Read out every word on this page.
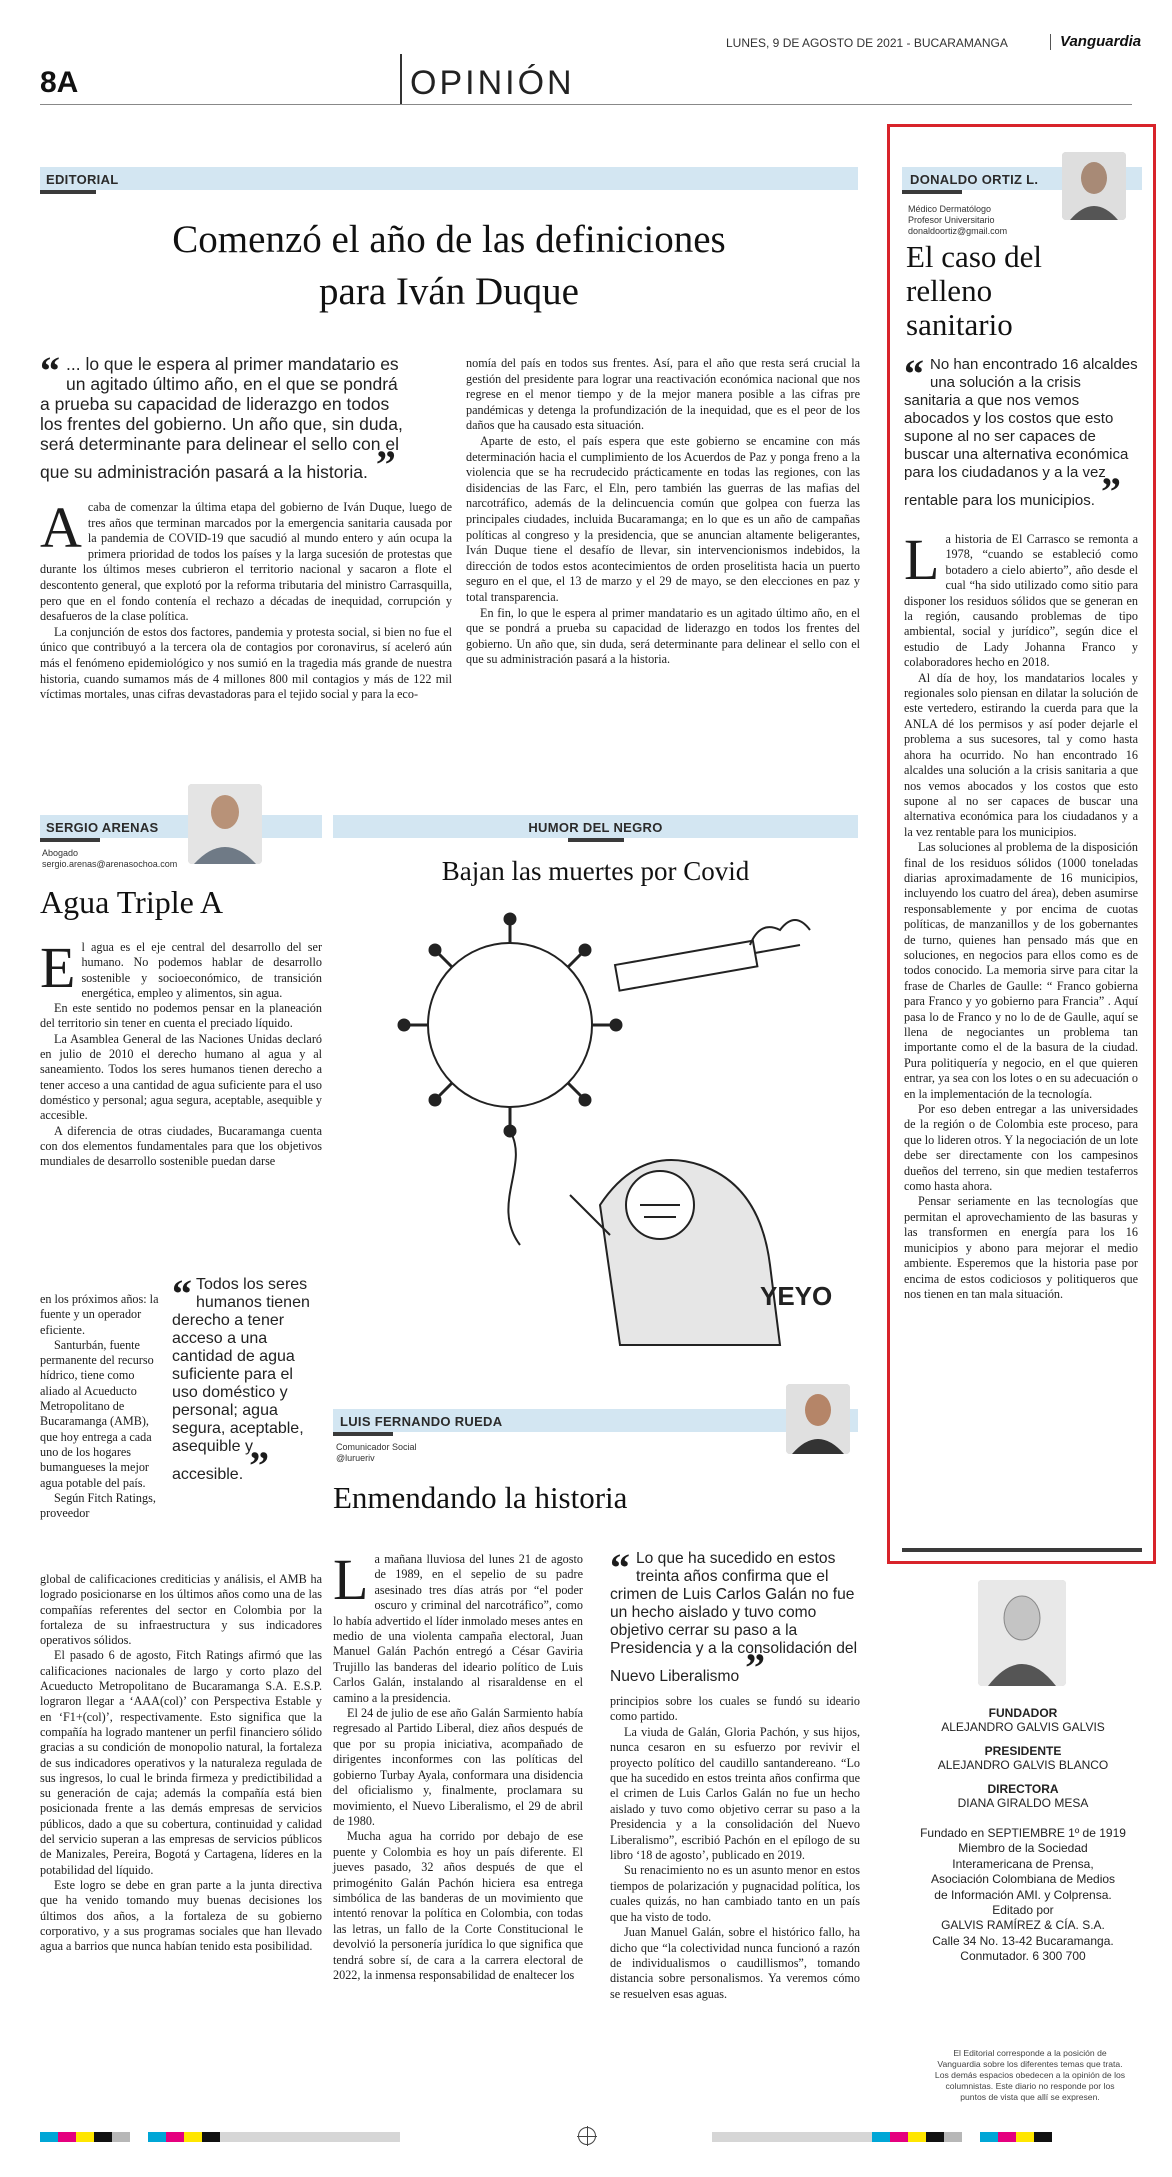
8A	OPINIÓN
LUNES, 9 DE AGOSTO DE 2021 - BUCARAMANGA	Vanguardia
EDITORIAL
Comenzó el año de las definiciones
para Iván Duque
“ ... lo que le espera al primer mandatario es un agitado último año, en el que se pondrá a prueba su capacidad de liderazgo en todos los frentes del gobierno. Un año que, sin duda, será determinante para delinear el sello con el que su administración pasará a la historia. ”

Acaba de comenzar la última etapa del gobierno de Iván Duque, luego de tres años que terminan marcados por la emergencia sanitaria causada por la pandemia de COVID-19 que sacudió al mundo entero y aún ocupa la primera prioridad de todos los países y la larga sucesión de protestas que durante los últimos meses cubrieron el territorio nacional y sacaron a flote el descontento general, que explotó por la reforma tributaria del ministro Carrasquilla, pero que en el fondo contenía el rechazo a décadas de inequidad, corrupción y desafueros de la clase política.

La conjunción de estos dos factores, pandemia y protesta social, si bien no fue el único que contribuyó a la tercera ola de contagios por coronavirus, sí aceleró aún más el fenómeno epidemiológico y nos sumió en la tragedia más grande de nuestra historia, cuando sumamos más de 4 millones 800 mil contagios y más de 122 mil víctimas mortales, unas cifras devastadoras para el tejido social y para la eco-

nomía del país en todos sus frentes. Así, para el año que resta será crucial la gestión del presidente para lograr una reactivación económica nacional que nos regrese en el menor tiempo y de la mejor manera posible a las cifras pre pandémicas y detenga la profundización de la inequidad, que es el peor de los daños que ha causado esta situación.

Aparte de esto, el país espera que este gobierno se encamine con más determinación hacia el cumplimiento de los Acuerdos de Paz y ponga freno a la violencia que se ha recrudecido prácticamente en todas las regiones, con las disidencias de las Farc, el Eln, pero también las guerras de las mafias del narcotráfico, además de la delincuencia común que golpea con fuerza las principales ciudades, incluida Bucaramanga; en lo que es un año de campañas políticas al congreso y la presidencia, que se anuncian altamente beligerantes, Iván Duque tiene el desafío de llevar, sin intervencionismos indebidos, la dirección de todos estos acontecimientos de orden proselitista hacia un puerto seguro en el que, el 13 de marzo y el 29 de mayo, se den elecciones en paz y total transparencia.

En fin, lo que le espera al primer mandatario es un agitado último año, en el que se pondrá a prueba su capacidad de liderazgo en todos los frentes del gobierno. Un año que, sin duda, será determinante para delinear el sello con el que su administración pasará a la historia.

DONALDO ORTIZ L.
Médico Dermatólogo
Profesor Universitario
donaldoortiz@gmail.com
El caso del
relleno
sanitario
“ No han encontrado 16 alcaldes una solución a la crisis sanitaria a que nos vemos abocados y los costos que esto supone al no ser capaces de buscar una alternativa económica para los ciudadanos y a la vez rentable para los municipios. ”

La historia de El Carrasco se remonta a 1978, “cuando se estableció como botadero a cielo abierto”, año desde el cual “ha sido utilizado como sitio para disponer los residuos sólidos que se generan en la región, causando problemas de tipo ambiental, social y jurídico”, según dice el estudio de Lady Johanna Franco y colaboradores hecho en 2018.

Al día de hoy, los mandatarios locales y regionales solo piensan en dilatar la solución de este vertedero, estirando la cuerda para que la ANLA dé los permisos y así poder dejarle el problema a sus sucesores, tal y como hasta ahora ha ocurrido. No han encontrado 16 alcaldes una solución a la crisis sanitaria a que nos vemos abocados y los costos que esto supone al no ser capaces de buscar una alternativa económica para los ciudadanos y a la vez rentable para los municipios.

Las soluciones al problema de la disposición final de los residuos sólidos (1000 toneladas diarias aproximadamente de 16 municipios, incluyendo los cuatro del área), deben asumirse responsablemente y por encima de cuotas políticas, de manzanillos y de los gobernantes de turno, quienes han pensado más que en soluciones, en negocios para ellos como es de todos conocido. La memoria sirve para citar la frase de Charles de Gaulle: “ Franco gobierna para Franco y yo gobierno para Francia” . Aquí pasa lo de Franco y no lo de de Gaulle, aquí se llena de negociantes un problema tan importante como el de la basura de la ciudad. Pura politiquería y negocio, en el que quieren entrar, ya sea con los lotes o en su adecuación o en la implementación de la tecnología.

Por eso deben entregar a las universidades de la región o de Colombia este proceso, para que lo lideren otros. Y la negociación de un lote debe ser directamente con los campesinos dueños del terreno, sin que medien testaferros como hasta ahora.

Pensar seriamente en las tecnologías que permitan el aprovechamiento de las basuras y las transformen en energía para los 16 municipios y abono para mejorar el medio ambiente. Esperemos que la historia pase por encima de estos codiciosos y politiqueros que nos tienen en tan mala situación.

SERGIO ARENAS
Abogado
sergio.arenas@arenasochoa.com
Agua Triple A

El agua es el eje central del desarrollo del ser humano. No podemos hablar de desarrollo sostenible y socioeconómico, de transición energética, empleo y alimentos, sin agua.

En este sentido no podemos pensar en la planeación del territorio sin tener en cuenta el preciado líquido.

La Asamblea General de las Naciones Unidas declaró en julio de 2010 el derecho humano al agua y al saneamiento. Todos los seres humanos tienen derecho a tener acceso a una cantidad de agua suficiente para el uso doméstico y personal; agua segura, aceptable, asequible y accesible.

A diferencia de otras ciudades, Bucaramanga cuenta con dos elementos fundamentales para que los objetivos mundiales de desarrollo sostenible puedan darse

en los próximos años: la fuente y un operador eficiente.

Santurbán, fuente permanente del recurso hídrico, tiene como aliado al Acueducto Metropolitano de Bucaramanga (AMB), que hoy entrega a cada uno de los hogares bumangueses la mejor agua potable del país.

Según Fitch Ratings, proveedor

“ Todos los seres humanos tienen derecho a tener acceso a una cantidad de agua suficiente para el uso doméstico y personal; agua segura, aceptable, asequible y accesible. ”

global de calificaciones crediticias y análisis, el AMB ha logrado posicionarse en los últimos años como una de las compañías referentes del sector en Colombia por la fortaleza de su infraestructura y sus indicadores operativos sólidos.

El pasado 6 de agosto, Fitch Ratings afirmó que las calificaciones nacionales de largo y corto plazo del Acueducto Metropolitano de Bucaramanga S.A. E.S.P. lograron llegar a ‘AAA(col)’ con Perspectiva Estable y en ‘F1+(col)’, respectivamente. Esto significa que la compañía ha logrado mantener un perfil financiero sólido gracias a su condición de monopolio natural, la fortaleza de sus indicadores operativos y la naturaleza regulada de sus ingresos, lo cual le brinda firmeza y predictibilidad a su generación de caja; además la compañía está bien posicionada frente a las demás empresas de servicios públicos, dado a que su cobertura, continuidad y calidad del servicio superan a las empresas de servicios públicos de Manizales, Pereira, Bogotá y Cartagena, líderes en la potabilidad del líquido.

Este logro se debe en gran parte a la junta directiva que ha venido tomando muy buenas decisiones los últimos dos años, a la fortaleza de su gobierno corporativo, y a sus programas sociales que han llevado agua a barrios que nunca habían tenido esta posibilidad.

HUMOR DEL NEGRO
Bajan las muertes por Covid
YEYO
LUIS FERNANDO RUEDA
Comunicador Social
@lurueriv
Enmendando la historia

La mañana lluviosa del lunes 21 de agosto de 1989, en el sepelio de su padre asesinado tres días atrás por “el poder oscuro y criminal del narcotráfico”, como lo había advertido el líder inmolado meses antes en medio de una violenta campaña electoral, Juan Manuel Galán Pachón entregó a César Gaviria Trujillo las banderas del ideario político de Luis Carlos Galán, instalando al risaraldense en el camino a la presidencia.

El 24 de julio de ese año Galán Sarmiento había regresado al Partido Liberal, diez años después de que por su propia iniciativa, acompañado de dirigentes inconformes con las políticas del gobierno Turbay Ayala, conformara una disidencia del oficialismo y, finalmente, proclamara su movimiento, el Nuevo Liberalismo, el 29 de abril de 1980.

Mucha agua ha corrido por debajo de ese puente y Colombia es hoy un país diferente. El jueves pasado, 32 años después de que el primogénito Galán Pachón hiciera esa entrega simbólica de las banderas de un movimiento que intentó renovar la política en Colombia, con todas las letras, un fallo de la Corte Constitucional le devolvió la personería jurídica lo que significa que tendrá sobre sí, de cara a la carrera electoral de 2022, la inmensa responsabilidad de enaltecer los

“ Lo que ha sucedido en estos treinta años confirma que el crimen de Luis Carlos Galán no fue un hecho aislado y tuvo como objetivo cerrar su paso a la Presidencia y a la consolidación del Nuevo Liberalismo ”

principios sobre los cuales se fundó su ideario como partido.

La viuda de Galán, Gloria Pachón, y sus hijos, nunca cesaron en su esfuerzo por revivir el proyecto político del caudillo santandereano. “Lo que ha sucedido en estos treinta años confirma que el crimen de Luis Carlos Galán no fue un hecho aislado y tuvo como objetivo cerrar su paso a la Presidencia y a la consolidación del Nuevo Liberalismo”, escribió Pachón en el epílogo de su libro ‘18 de agosto’, publicado en 2019.

Su renacimiento no es un asunto menor en estos tiempos de polarización y pugnacidad política, los cuales quizás, no han cambiado tanto en un país que ha visto de todo.

Juan Manuel Galán, sobre el histórico fallo, ha dicho que “la colectividad nunca funcionó a razón de individualismos o caudillismos”, tomando distancia sobre personalismos. Ya veremos cómo se resuelven esas aguas.

FUNDADOR
ALEJANDRO GALVIS GALVIS
PRESIDENTE
ALEJANDRO GALVIS BLANCO
DIRECTORA
DIANA GIRALDO MESA
Fundado en SEPTIEMBRE 1º de 1919
Miembro de la Sociedad
Interamericana de Prensa,
Asociación Colombiana de Medios
de Información AMI. y Colprensa.
Editado por
GALVIS RAMÍREZ & CÍA. S.A.
Calle 34 No. 13-42 Bucaramanga.
Conmutador. 6 300 700
El Editorial corresponde a la posición de Vanguardia sobre los diferentes temas que trata. Los demás espacios obedecen a la opinión de los columnistas. Este diario no responde por los puntos de vista que allí se expresen.
